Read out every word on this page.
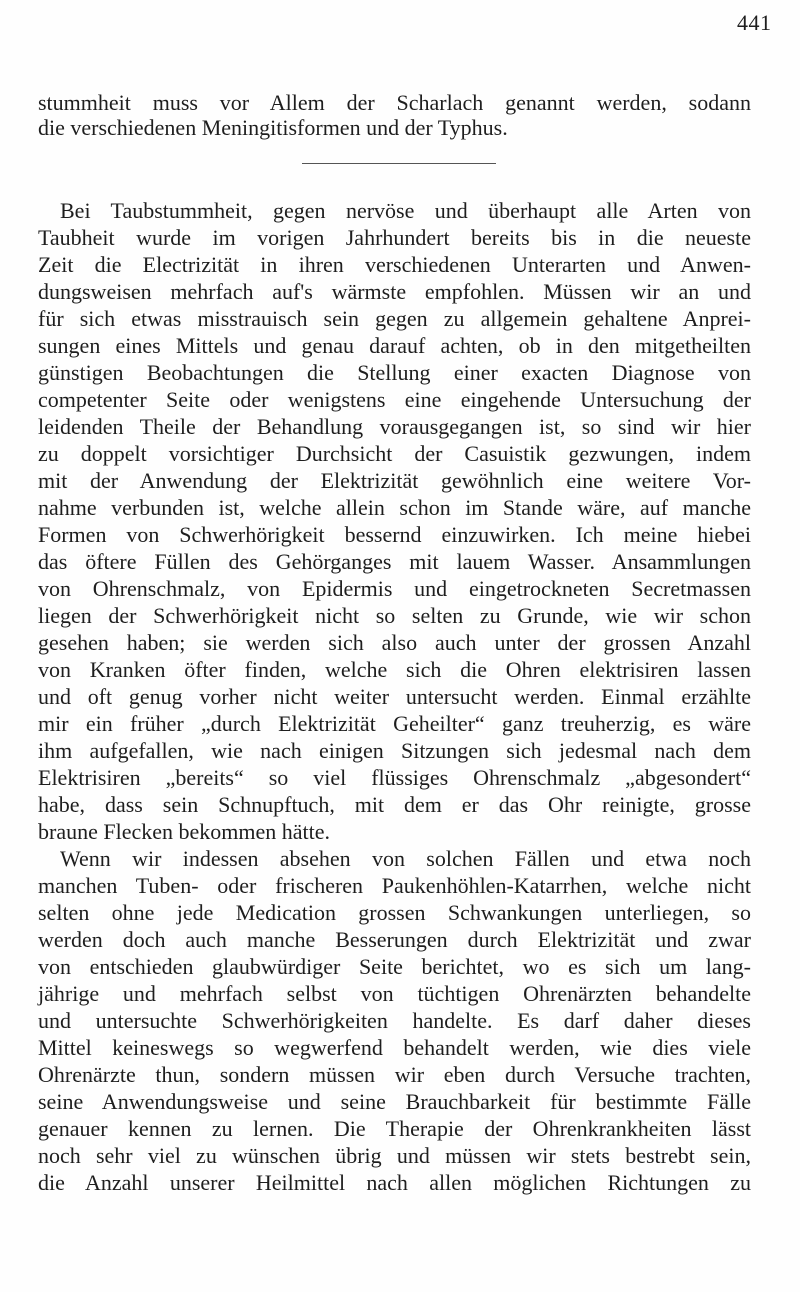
441
stummheit muss vor Allem der Scharlach genannt werden, sodann
die verschiedenen Meningitisformen und der Typhus.
Bei Taubstummheit, gegen nervöse und überhaupt alle Arten von
Taubheit wurde im vorigen Jahrhundert bereits bis in die neueste
Zeit die Electrizität in ihren verschiedenen Unterarten und Anwen-
dungsweisen mehrfach auf's wärmste empfohlen. Müssen wir an und
für sich etwas misstrauisch sein gegen zu allgemein gehaltene Anprei-
sungen eines Mittels und genau darauf achten, ob in den mitgetheilten
günstigen Beobachtungen die Stellung einer exacten Diagnose von
competenter Seite oder wenigstens eine eingehende Untersuchung der
leidenden Theile der Behandlung vorausgegangen ist, so sind wir hier
zu doppelt vorsichtiger Durchsicht der Casuistik gezwungen, indem
mit der Anwendung der Elektrizität gewöhnlich eine weitere Vor-
nahme verbunden ist, welche allein schon im Stande wäre, auf manche
Formen von Schwerhörigkeit bessernd einzuwirken. Ich meine hiebei
das öftere Füllen des Gehörganges mit lauem Wasser. Ansammlungen
von Ohrenschmalz, von Epidermis und eingetrockneten Secretmassen
liegen der Schwerhörigkeit nicht so selten zu Grunde, wie wir schon
gesehen haben; sie werden sich also auch unter der grossen Anzahl
von Kranken öfter finden, welche sich die Ohren elektrisiren lassen
und oft genug vorher nicht weiter untersucht werden. Einmal erzählte
mir ein früher „durch Elektrizität Geheilter“ ganz treuherzig, es wäre
ihm aufgefallen, wie nach einigen Sitzungen sich jedesmal nach dem
Elektrisiren „bereits“ so viel flüssiges Ohrenschmalz „abgesondert“
habe, dass sein Schnupftuch, mit dem er das Ohr reinigte, grosse
braune Flecken bekommen hätte.
Wenn wir indessen absehen von solchen Fällen und etwa noch
manchen Tuben- oder frischeren Paukenhöhlen-Katarrhen, welche nicht
selten ohne jede Medication grossen Schwankungen unterliegen, so
werden doch auch manche Besserungen durch Elektrizität und zwar
von entschieden glaubwürdiger Seite berichtet, wo es sich um lang-
jährige und mehrfach selbst von tüchtigen Ohrenärzten behandelte
und untersuchte Schwerhörigkeiten handelte. Es darf daher dieses
Mittel keineswegs so wegwerfend behandelt werden, wie dies viele
Ohrenärzte thun, sondern müssen wir eben durch Versuche trachten,
seine Anwendungsweise und seine Brauchbarkeit für bestimmte Fälle
genauer kennen zu lernen. Die Therapie der Ohrenkrankheiten lässt
noch sehr viel zu wünschen übrig und müssen wir stets bestrebt sein,
die Anzahl unserer Heilmittel nach allen möglichen Richtungen zu
